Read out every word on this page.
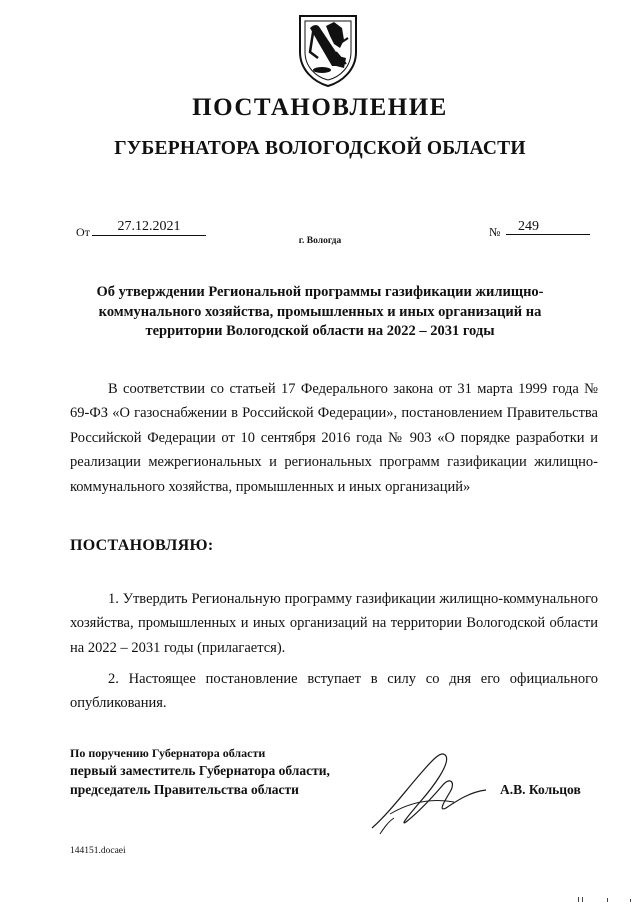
ПОСТАНОВЛЕНИЕ
ГУБЕРНАТОРА ВОЛОГОДСКОЙ ОБЛАСТИ
От	27.12.2021	№	249
г. Вологда
Об утверждении Региональной программы газификации жилищно-коммунального хозяйства, промышленных и иных организаций на территории Вологодской области на 2022 – 2031 годы
В соответствии со статьей 17 Федерального закона от 31 марта 1999 года № 69-ФЗ «О газоснабжении в Российской Федерации», постановлением Правительства Российской Федерации от 10 сентября 2016 года № 903 «О порядке разработки и реализации межрегиональных и региональных программ газификации жилищно-коммунального хозяйства, промышленных и иных организаций»
ПОСТАНОВЛЯЮ:
1. Утвердить Региональную программу газификации жилищно-коммунального хозяйства, промышленных и иных организаций на территории Вологодской области на 2022 – 2031 годы (прилагается).
2. Настоящее постановление вступает в силу со дня его официального опубликования.
По поручению Губернатора области
первый заместитель Губернатора области,
председатель Правительства области	А.В. Кольцов
144151.docaei
